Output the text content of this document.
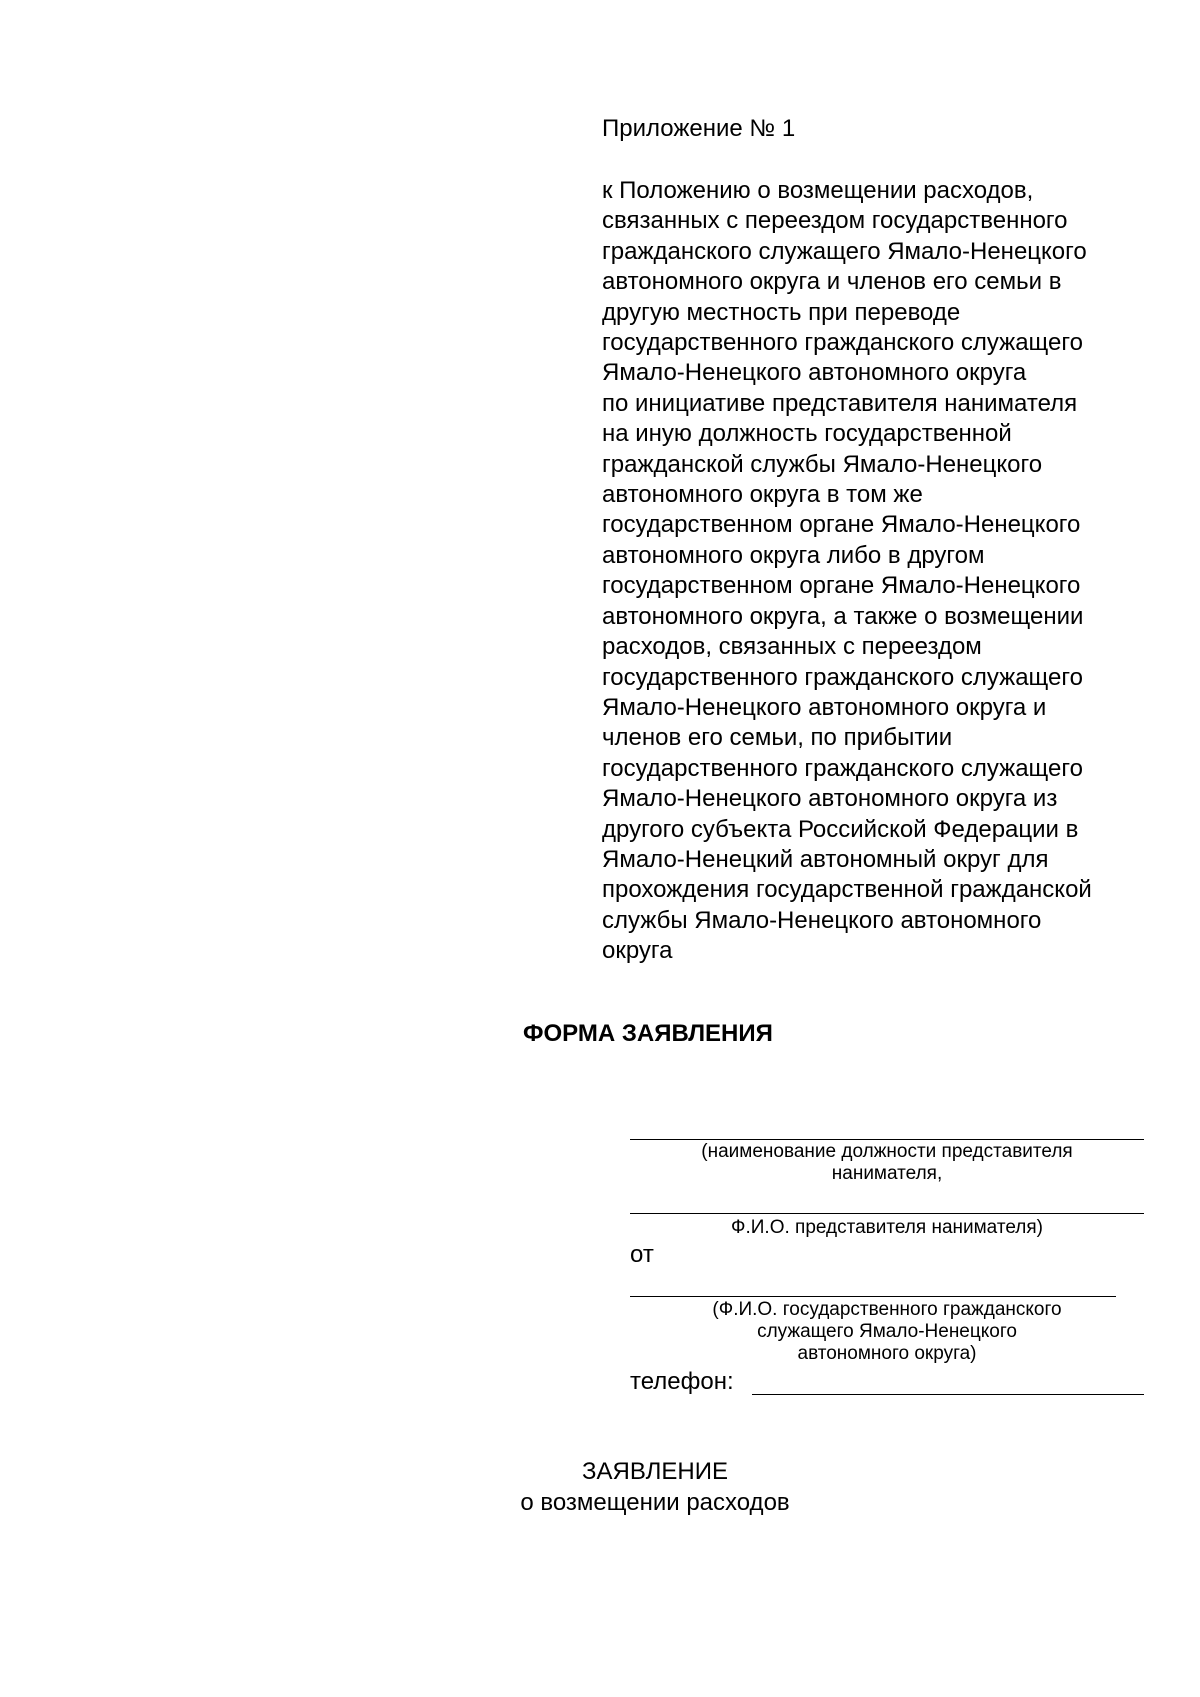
Приложение № 1
к Положению о возмещении расходов,
связанных с переездом государственного
гражданского служащего Ямало-Ненецкого
автономного округа и членов его семьи в
другую местность при переводе
государственного гражданского служащего
Ямало-Ненецкого автономного округа
по инициативе представителя нанимателя
на иную должность государственной
гражданской службы Ямало-Ненецкого
автономного округа в том же
государственном органе Ямало-Ненецкого
автономного округа либо в другом
государственном органе Ямало-Ненецкого
автономного округа, а также о возмещении
расходов, связанных с переездом
государственного гражданского служащего
Ямало-Ненецкого автономного округа и
членов его семьи, по прибытии
государственного гражданского служащего
Ямало-Ненецкого автономного округа из
другого субъекта Российской Федерации в
Ямало-Ненецкий автономный округ для
прохождения государственной гражданской
службы Ямало-Ненецкого автономного
округа
ФОРМА ЗАЯВЛЕНИЯ
(наименование должности представителя
нанимателя,
Ф.И.О. представителя нанимателя)
от
(Ф.И.О. государственного гражданского
служащего Ямало-Ненецкого
автономного округа)
телефон:
ЗАЯВЛЕНИЕ
о возмещении расходов
